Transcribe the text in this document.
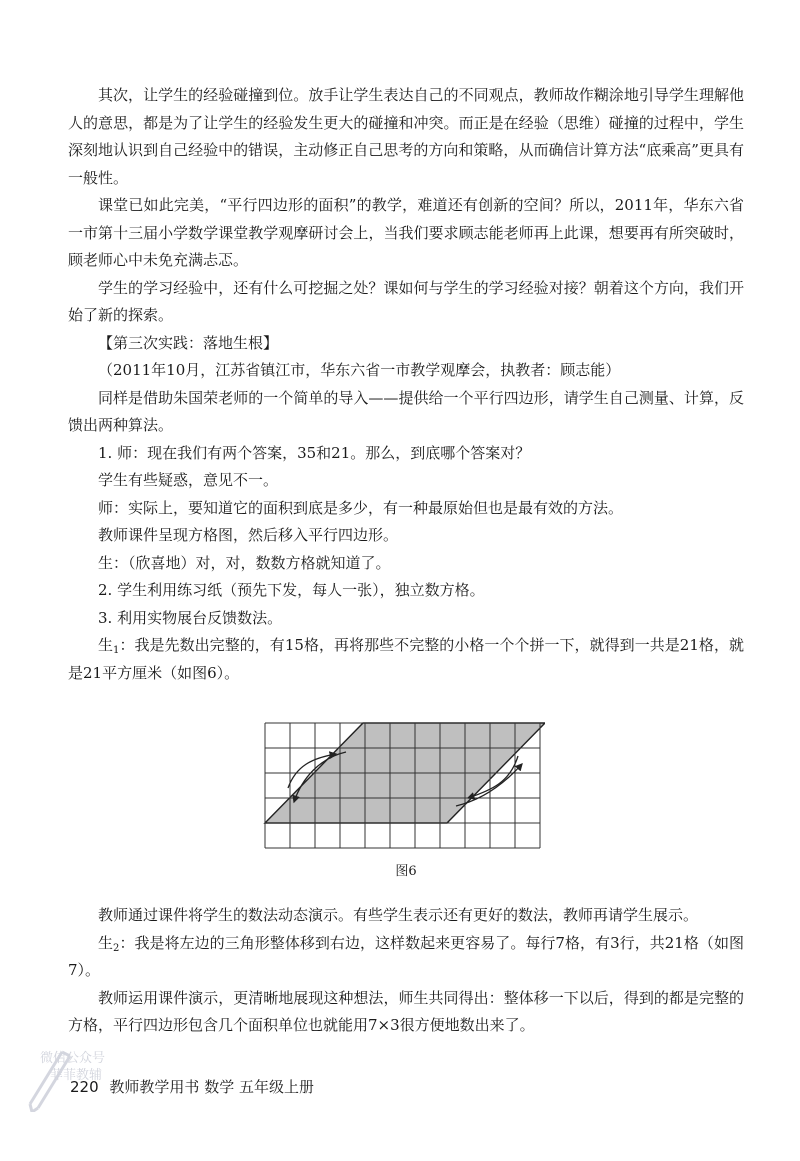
其次，让学生的经验碰撞到位。放手让学生表达自己的不同观点，教师故作糊涂地引导学生理解他人的意思，都是为了让学生的经验发生更大的碰撞和冲突。而正是在经验（思维）碰撞的过程中，学生深刻地认识到自己经验中的错误，主动修正自己思考的方向和策略，从而确信计算方法“底乘高”更具有一般性。

课堂已如此完美，“平行四边形的面积”的教学，难道还有创新的空间？所以，2011年，华东六省一市第十三届小学数学课堂教学观摩研讨会上，当我们要求顾志能老师再上此课，想要再有所突破时，顾老师心中未免充满忐忑。

学生的学习经验中，还有什么可挖掘之处？课如何与学生的学习经验对接？朝着这个方向，我们开始了新的探索。

【第三次实践：落地生根】

（2011年10月，江苏省镇江市，华东六省一市教学观摩会，执教者：顾志能）

同样是借助朱国荣老师的一个简单的导入——提供给一个平行四边形，请学生自己测量、计算，反馈出两种算法。

1. 师：现在我们有两个答案，35和21。那么，到底哪个答案对？

学生有些疑惑，意见不一。

师：实际上，要知道它的面积到底是多少，有一种最原始但也是最有效的方法。

教师课件呈现方格图，然后移入平行四边形。

生：（欣喜地）对，对，数数方格就知道了。

2. 学生利用练习纸（预先下发，每人一张），独立数方格。

3. 利用实物展台反馈数法。

生$_1$：我是先数出完整的，有15格，再将那些不完整的小格一个个拼一下，就得到一共是21格，就是21平方厘米（如图6）。

图6

教师通过课件将学生的数法动态演示。有些学生表示还有更好的数法，教师再请学生展示。

生$_2$：我是将左边的三角形整体移到右边，这样数起来更容易了。每行7格，有3行，共21格（如图7）。

教师运用课件演示，更清晰地展现这种想法，师生共同得出：整体移一下以后，得到的都是完整的方格，平行四边形包含几个面积单位也就能用7×3很方便地数出来了。

微信公众号
菲菲教辅
220 教师教学用书 数学 五年级上册
